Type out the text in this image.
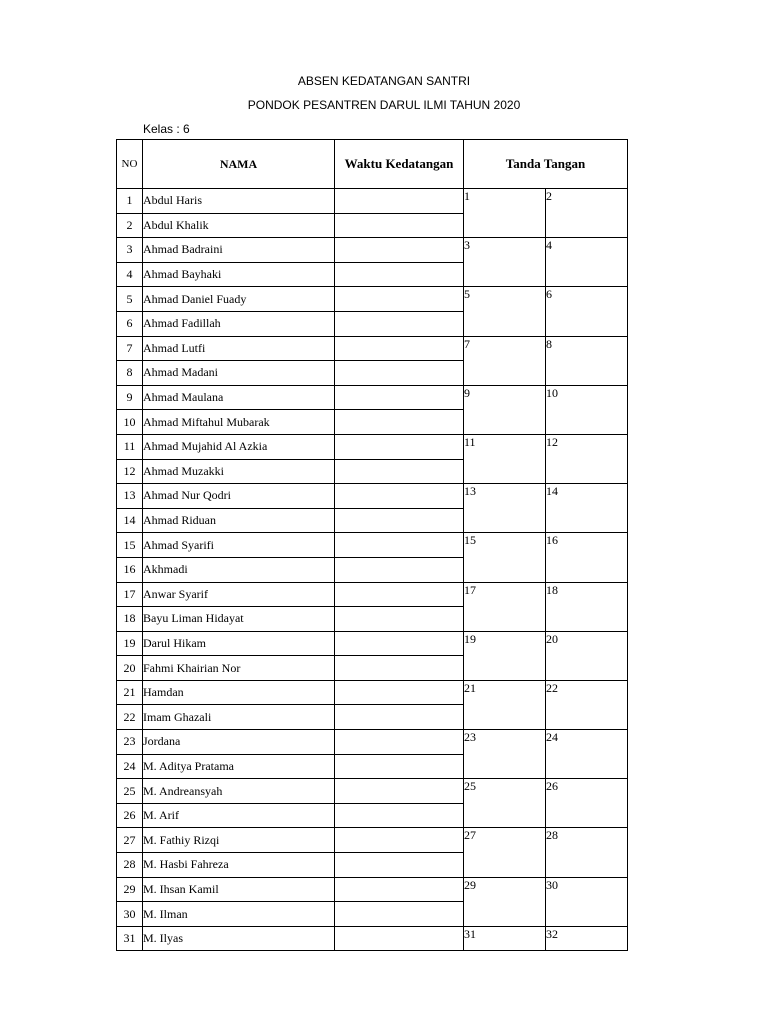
ABSEN KEDATANGAN SANTRI
PONDOK PESANTREN DARUL ILMI TAHUN 2020
Kelas : 6
NO	NAMA	Waktu Kedatangan	Tanda Tangan	
1	Abdul Haris		1	2
2	Abdul Khalik			
3	Ahmad Badraini		3	4
4	Ahmad Bayhaki			
5	Ahmad Daniel Fuady		5	6
6	Ahmad Fadillah			
7	Ahmad Lutfi		7	8
8	Ahmad Madani			
9	Ahmad Maulana		9	10
10	Ahmad Miftahul Mubarak			
11	Ahmad Mujahid Al Azkia		11	12
12	Ahmad Muzakki			
13	Ahmad Nur Qodri		13	14
14	Ahmad Riduan			
15	Ahmad Syarifi		15	16
16	Akhmadi			
17	Anwar Syarif		17	18
18	Bayu Liman Hidayat			
19	Darul Hikam		19	20
20	Fahmi Khairian Nor			
21	Hamdan		21	22
22	Imam Ghazali			
23	Jordana		23	24
24	M. Aditya Pratama			
25	M. Andreansyah		25	26
26	M. Arif			
27	M. Fathiy Rizqi		27	28
28	M. Hasbi Fahreza			
29	M. Ihsan Kamil		29	30
30	M. Ilman			
31	M. Ilyas		31	32
